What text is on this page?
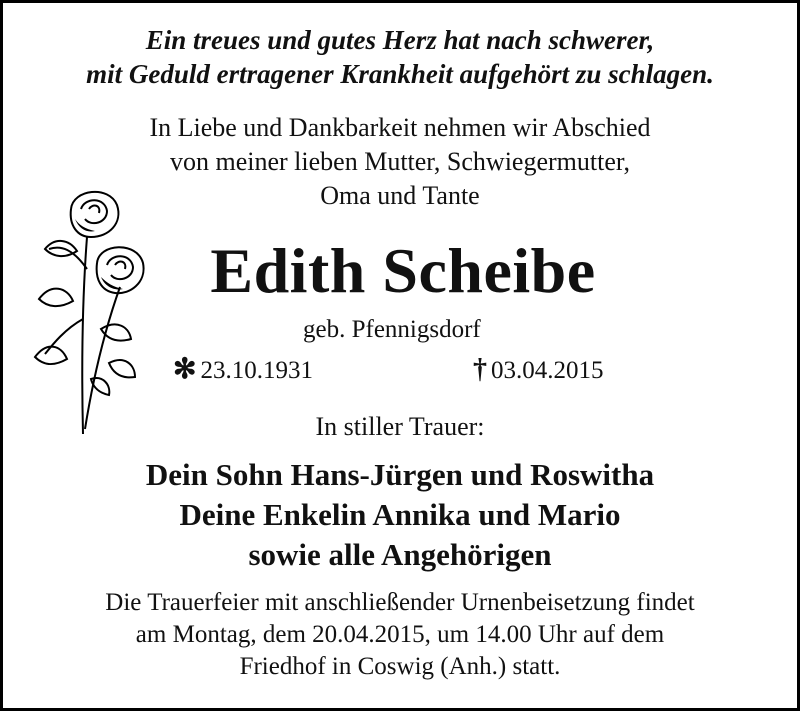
Ein treues und gutes Herz hat nach schwerer,
mit Geduld ertragener Krankheit aufgehört zu schlagen.
In Liebe und Dankbarkeit nehmen wir Abschied
von meiner lieben Mutter, Schwiegermutter,
Oma und Tante
Edith Scheibe
geb. Pfennigsdorf
✻ 23.10.1931	† 03.04.2015
In stiller Trauer:
Dein Sohn Hans-Jürgen und Roswitha
Deine Enkelin Annika und Mario
sowie alle Angehörigen
Die Trauerfeier mit anschließender Urnenbeisetzung findet
am Montag, dem 20.04.2015, um 14.00 Uhr auf dem
Friedhof in Coswig (Anh.) statt.
